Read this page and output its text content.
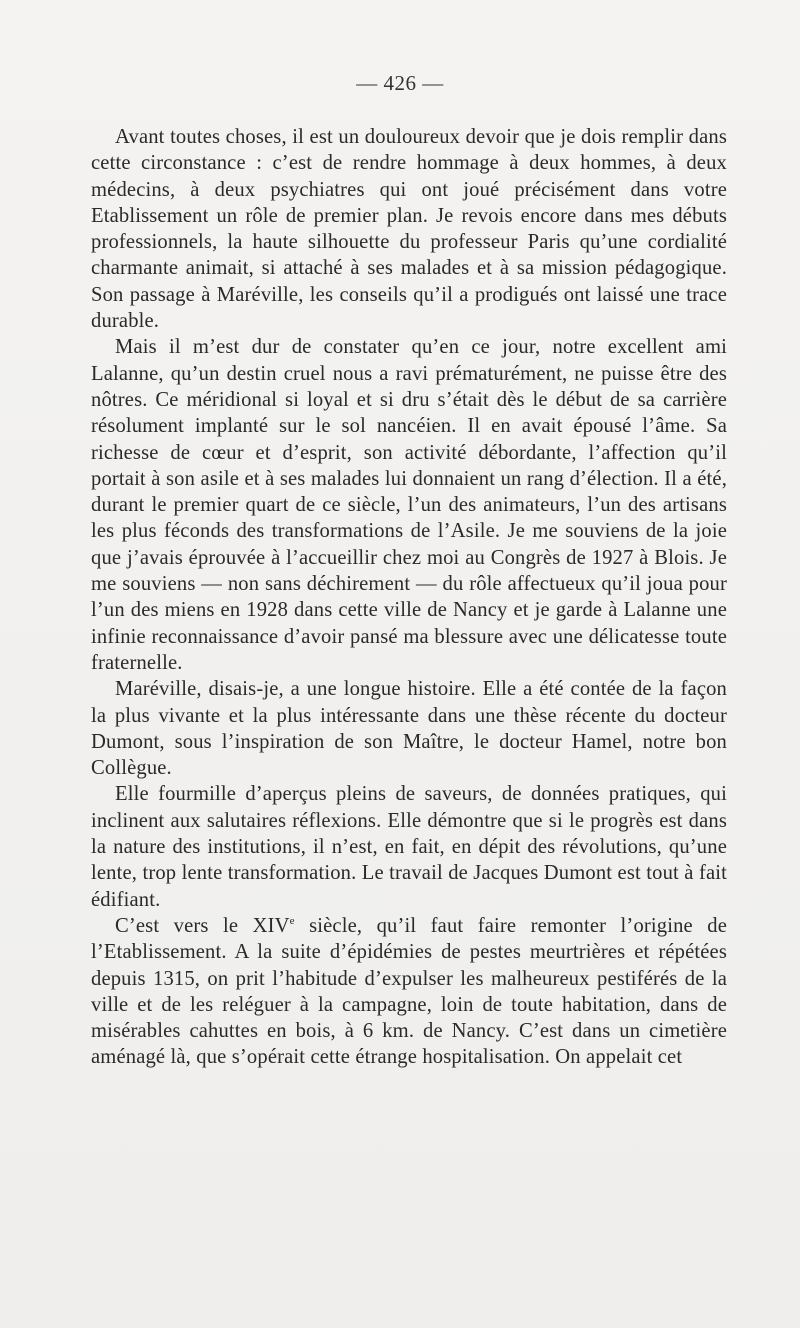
— 426 —

Avant toutes choses, il est un douloureux devoir que je dois remplir dans cette circonstance : c’est de rendre hommage à deux hommes, à deux médecins, à deux psychiatres qui ont joué précisément dans votre Etablissement un rôle de premier plan. Je revois encore dans mes débuts professionnels, la haute silhouette du professeur Paris qu’une cordialité charmante animait, si attaché à ses malades et à sa mission pédagogique. Son passage à Maréville, les conseils qu’il a prodigués ont laissé une trace durable.

Mais il m’est dur de constater qu’en ce jour, notre excellent ami Lalanne, qu’un destin cruel nous a ravi prématurément, ne puisse être des nôtres. Ce méridional si loyal et si dru s’était dès le début de sa carrière résolument implanté sur le sol nancéien. Il en avait épousé l’âme. Sa richesse de cœur et d’esprit, son activité débordante, l’affection qu’il portait à son asile et à ses malades lui donnaient un rang d’élection. Il a été, durant le premier quart de ce siècle, l’un des animateurs, l’un des artisans les plus féconds des transformations de l’Asile. Je me souviens de la joie que j’avais éprouvée à l’accueillir chez moi au Congrès de 1927 à Blois. Je me souviens — non sans déchirement — du rôle affectueux qu’il joua pour l’un des miens en 1928 dans cette ville de Nancy et je garde à Lalanne une infinie reconnaissance d’avoir pansé ma blessure avec une délicatesse toute fraternelle.

Maréville, disais-je, a une longue histoire. Elle a été contée de la façon la plus vivante et la plus intéressante dans une thèse récente du docteur Dumont, sous l’inspiration de son Maître, le docteur Hamel, notre bon Collègue.

Elle fourmille d’aperçus pleins de saveurs, de données pratiques, qui inclinent aux salutaires réflexions. Elle démontre que si le progrès est dans la nature des institutions, il n’est, en fait, en dépit des révolutions, qu’une lente, trop lente transformation. Le travail de Jacques Dumont est tout à fait édifiant.

C’est vers le XIVe siècle, qu’il faut faire remonter l’origine de l’Etablissement. A la suite d’épidémies de pestes meurtrières et répétées depuis 1315, on prit l’habitude d’expulser les malheureux pestiférés de la ville et de les reléguer à la campagne, loin de toute habitation, dans de misérables cahuttes en bois, à 6 km. de Nancy. C’est dans un cimetière aménagé là, que s’opérait cette étrange hospitalisation. On appelait cet
